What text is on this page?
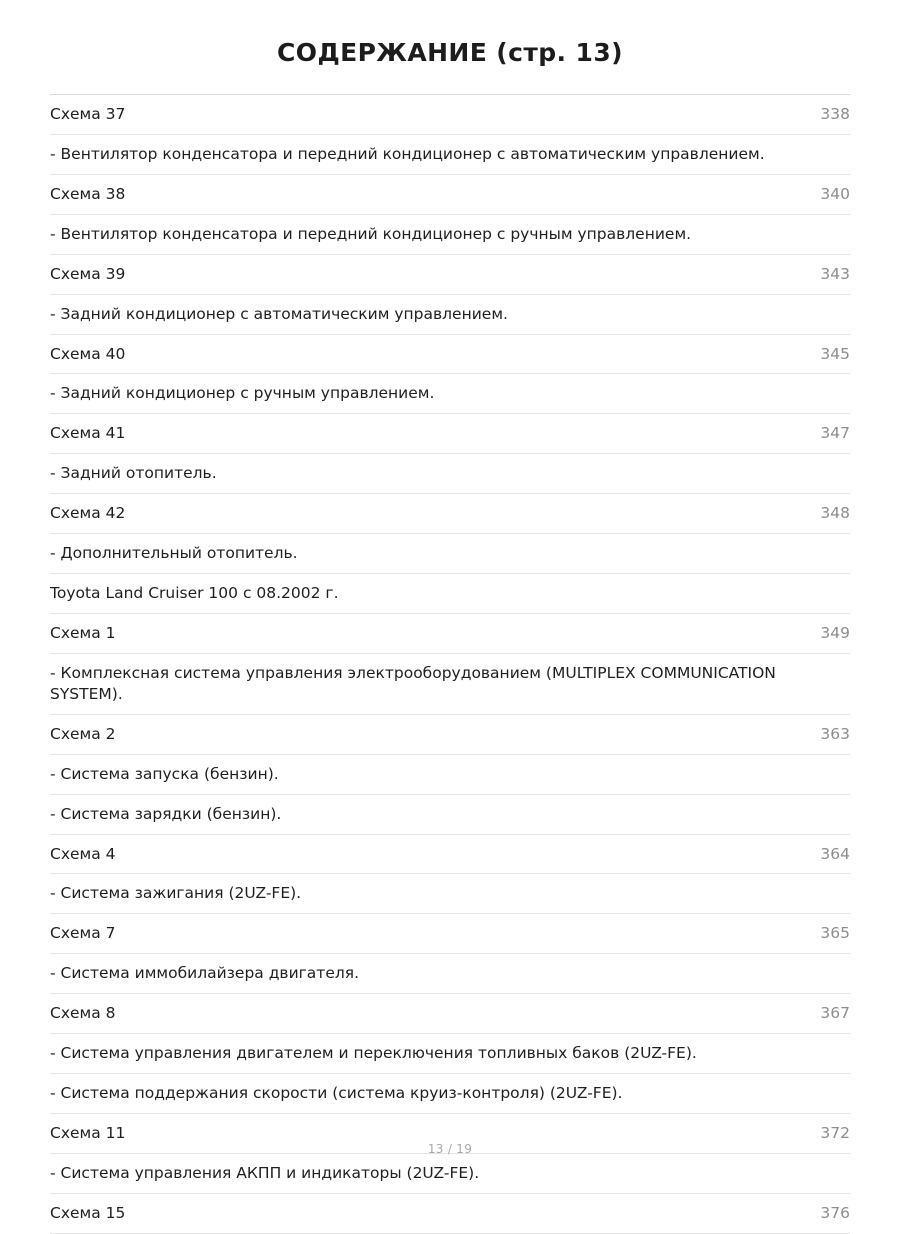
СОДЕРЖАНИЕ (стр. 13)
Схема 37	338
- Вентилятор конденсатора и передний кондиционер с автоматическим управлением.
Схема 38	340
- Вентилятор конденсатора и передний кондиционер с ручным управлением.
Схема 39	343
- Задний кондиционер с автоматическим управлением.
Схема 40	345
- Задний кондиционер с ручным управлением.
Схема 41	347
- Задний отопитель.
Схема 42	348
- Дополнительный отопитель.
Toyota Land Cruiser 100 с 08.2002 г.
Схема 1	349
- Комплексная система управления электрооборудованием (MULTIPLEX COMMUNICATION SYSTEM).
Схема 2	363
- Система запуска (бензин).
- Система зарядки (бензин).
Схема 4	364
- Система зажигания (2UZ-FE).
Схема 7	365
- Система иммобилайзера двигателя.
Схема 8	367
- Система управления двигателем и переключения топливных баков (2UZ-FE).
- Система поддержания скорости (система круиз-контроля) (2UZ-FE).
Схема 11	372
- Система управления АКПП и индикаторы (2UZ-FE).
Схема 15	376
13 / 19
